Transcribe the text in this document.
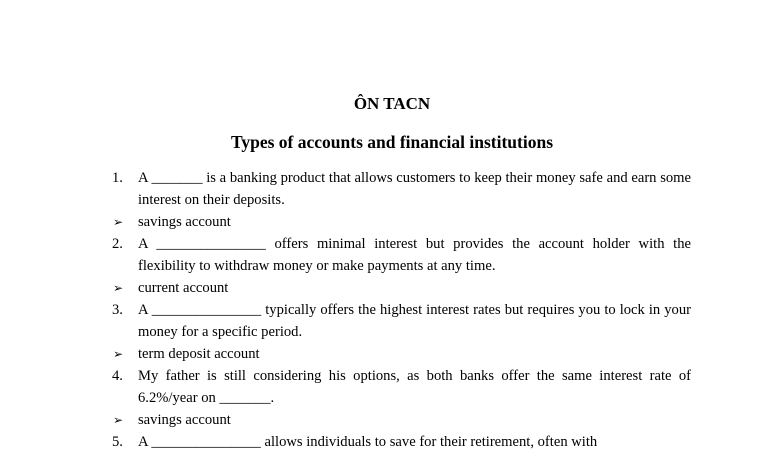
ÔN TACN
Types of accounts and financial institutions
1.	A _______ is a banking product that allows customers to keep their money safe and earn some interest on their deposits.
➢	savings account
2.	A _______________ offers minimal interest but provides the account holder with the flexibility to withdraw money or make payments at any time.
➢	current account
3.	A _______________ typically offers the highest interest rates but requires you to lock in your money for a specific period.
➢	term deposit account
4.	My father is still considering his options, as both banks offer the same interest rate of 6.2%/year on _______.
➢	savings account
5.	A _______________ allows individuals to save for their retirement, often with
